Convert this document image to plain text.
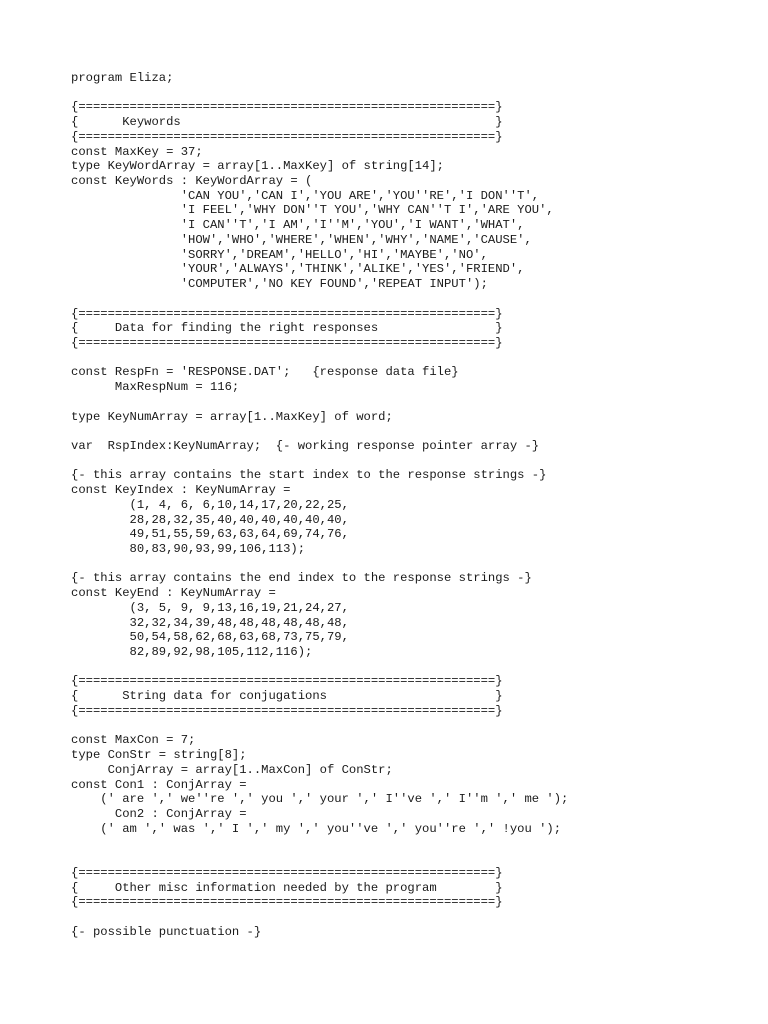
program Eliza;
{=========================================================}
{      Keywords                                           }
{=========================================================}
const MaxKey = 37;
type KeyWordArray = array[1..MaxKey] of string[14];
const KeyWords : KeyWordArray = (
'CAN YOU','CAN I','YOU ARE','YOU''RE','I DON''T',
'I FEEL','WHY DON''T YOU','WHY CAN''T I','ARE YOU',
'I CAN''T','I AM','I''M','YOU','I WANT','WHAT',
'HOW','WHO','WHERE','WHEN','WHY','NAME','CAUSE',
'SORRY','DREAM','HELLO','HI','MAYBE','NO',
'YOUR','ALWAYS','THINK','ALIKE','YES','FRIEND',
'COMPUTER','NO KEY FOUND','REPEAT INPUT');
{=========================================================}
{     Data for finding the right responses                }
{=========================================================}
const RespFn = 'RESPONSE.DAT';   {response data file}
MaxRespNum = 116;
type KeyNumArray = array[1..MaxKey] of word;
var  RspIndex:KeyNumArray;  {- working response pointer array -}
{- this array contains the start index to the response strings -}
const KeyIndex : KeyNumArray =
(1, 4, 6, 6,10,14,17,20,22,25,
28,28,32,35,40,40,40,40,40,40,
49,51,55,59,63,63,64,69,74,76,
80,83,90,93,99,106,113);
{- this array contains the end index to the response strings -}
const KeyEnd : KeyNumArray =
(3, 5, 9, 9,13,16,19,21,24,27,
32,32,34,39,48,48,48,48,48,48,
50,54,58,62,68,63,68,73,75,79,
82,89,92,98,105,112,116);
{=========================================================}
{      String data for conjugations                       }
{=========================================================}
const MaxCon = 7;
type ConStr = string[8];
ConjArray = array[1..MaxCon] of ConStr;
const Con1 : ConjArray =
(' are ',' we''re ',' you ',' your ',' I''ve ',' I''m ',' me ');
Con2 : ConjArray =
(' am ',' was ',' I ',' my ',' you''ve ',' you''re ',' !you ');
{=========================================================}
{     Other misc information needed by the program        }
{=========================================================}
{- possible punctuation -}
